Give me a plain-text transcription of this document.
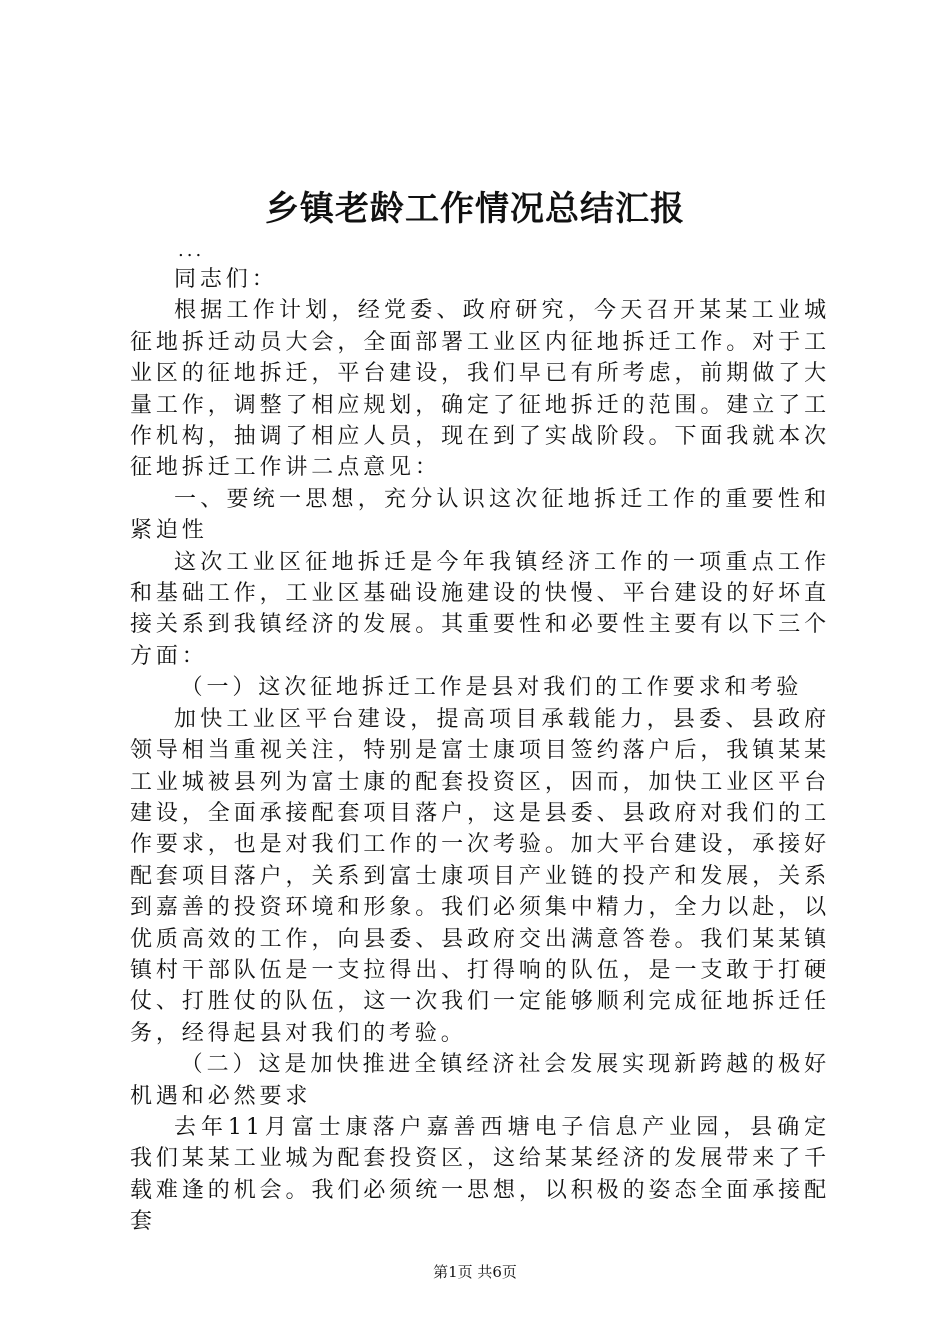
乡镇老龄工作情况总结汇报
...

同志们：

根据工作计划，经党委、政府研究，今天召开某某工业城征地拆迁动员大会，全面部署工业区内征地拆迁工作。对于工业区的征地拆迁，平台建设，我们早已有所考虑，前期做了大量工作，调整了相应规划，确定了征地拆迁的范围。建立了工作机构，抽调了相应人员，现在到了实战阶段。下面我就本次征地拆迁工作讲二点意见：

一、要统一思想，充分认识这次征地拆迁工作的重要性和紧迫性

这次工业区征地拆迁是今年我镇经济工作的一项重点工作和基础工作，工业区基础设施建设的快慢、平台建设的好坏直接关系到我镇经济的发展。其重要性和必要性主要有以下三个方面：

（一）这次征地拆迁工作是县对我们的工作要求和考验

加快工业区平台建设，提高项目承载能力，县委、县政府领导相当重视关注，特别是富士康项目签约落户后，我镇某某工业城被县列为富士康的配套投资区，因而，加快工业区平台建设，全面承接配套项目落户，这是县委、县政府对我们的工作要求，也是对我们工作的一次考验。加大平台建设，承接好配套项目落户，关系到富士康项目产业链的投产和发展，关系到嘉善的投资环境和形象。我们必须集中精力，全力以赴，以优质高效的工作，向县委、县政府交出满意答卷。我们某某镇镇村干部队伍是一支拉得出、打得响的队伍，是一支敢于打硬仗、打胜仗的队伍，这一次我们一定能够顺利完成征地拆迁任务，经得起县对我们的考验。

（二）这是加快推进全镇经济社会发展实现新跨越的极好机遇和必然要求

去年11月富士康落户嘉善西塘电子信息产业园，县确定我们某某工业城为配套投资区，这给某某经济的发展带来了千载难逢的机会。我们必须统一思想，以积极的姿态全面承接配套

第1页 共6页
